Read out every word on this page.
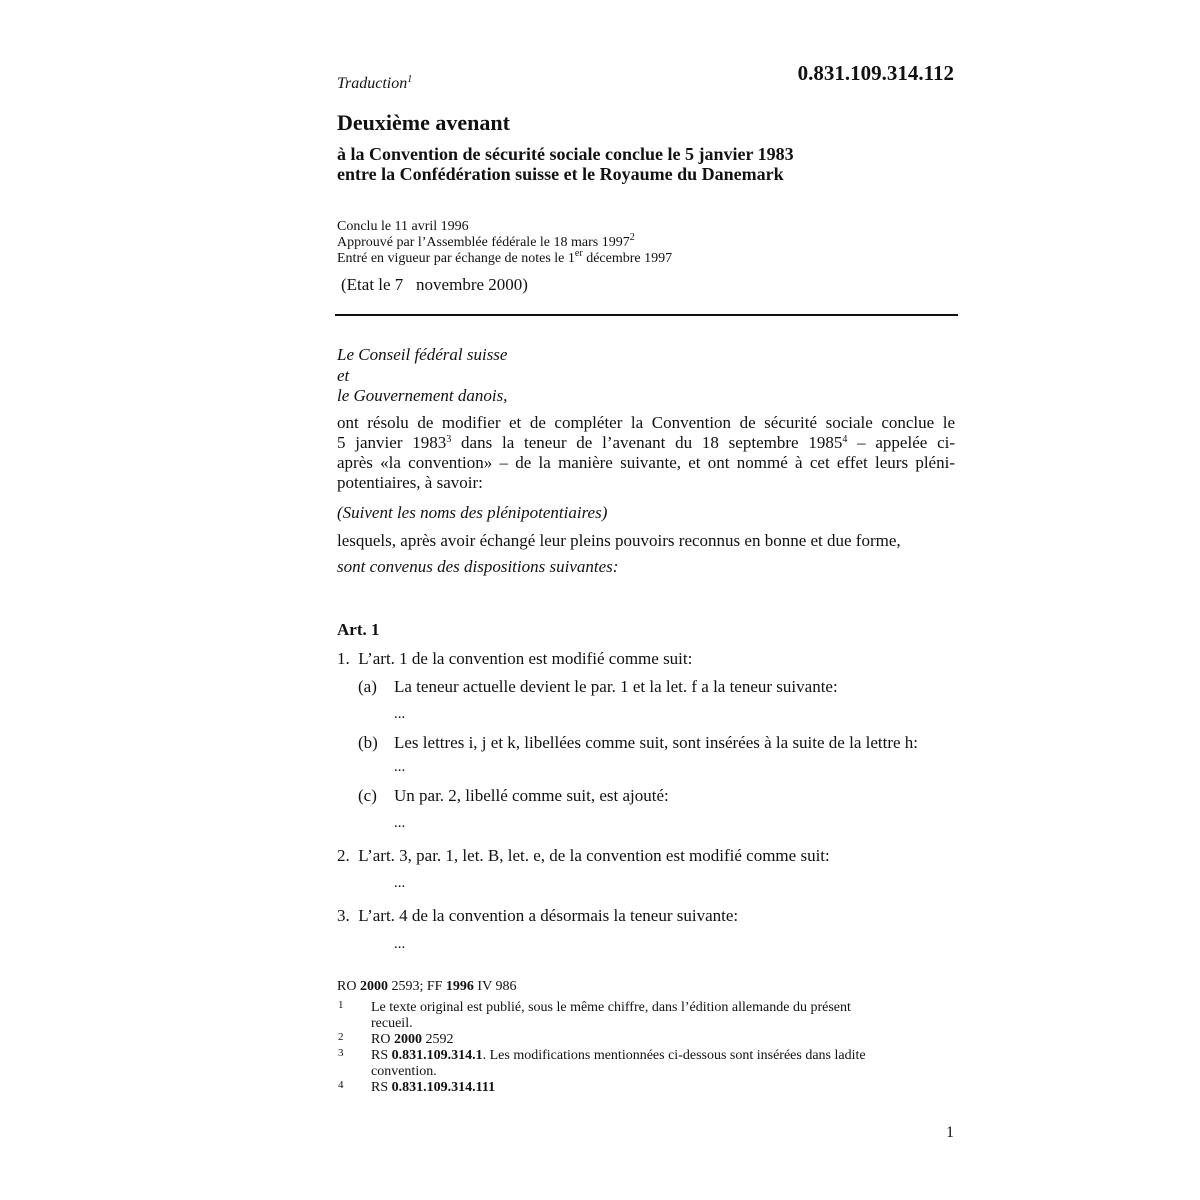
Traduction$^1$	0.831.109.314.112
Deuxième avenant
à la Convention de sécurité sociale conclue le 5 janvier 1983
entre la Confédération suisse et le Royaume du Danemark
Conclu le 11 avril 1996
Approuvé par l’Assemblée fédérale le 18 mars 1997$^2$
Entré en vigueur par échange de notes le 1er décembre 1997
(Etat le 7   novembre 2000)
Le Conseil fédéral suisse
et
le Gouvernement danois,
ont résolu de modifier et de compléter la Convention de sécurité sociale conclue le
5 janvier 1983$^3$ dans la teneur de l’avenant du 18 septembre 1985$^4$ – appelée ci-
après «la convention» – de la manière suivante, et ont nommé à cet effet leurs pléni-
potentiaires, à savoir:
(Suivent les noms des plénipotentiaires)
lesquels, après avoir échangé leur pleins pouvoirs reconnus en bonne et due forme,
sont convenus des dispositions suivantes:
Art. 1
1. L’art. 1 de la convention est modifié comme suit:
(a) La teneur actuelle devient le par. 1 et la let. f a la teneur suivante:
...
(b) Les lettres i, j et k, libellées comme suit, sont insérées à la suite de la lettre h:
...
(c) Un par. 2, libellé comme suit, est ajouté:
...
2. L’art. 3, par. 1, let. B, let. e, de la convention est modifié comme suit:
...
3. L’art. 4 de la convention a désormais la teneur suivante:
...
RO 2000 2593; FF 1996 IV 986
1 Le texte original est publié, sous le même chiffre, dans l’édition allemande du présent
recueil.
2 RO 2000 2592
3 RS 0.831.109.314.1. Les modifications mentionnées ci-dessous sont insérées dans ladite
convention.
4 RS 0.831.109.314.111
1
